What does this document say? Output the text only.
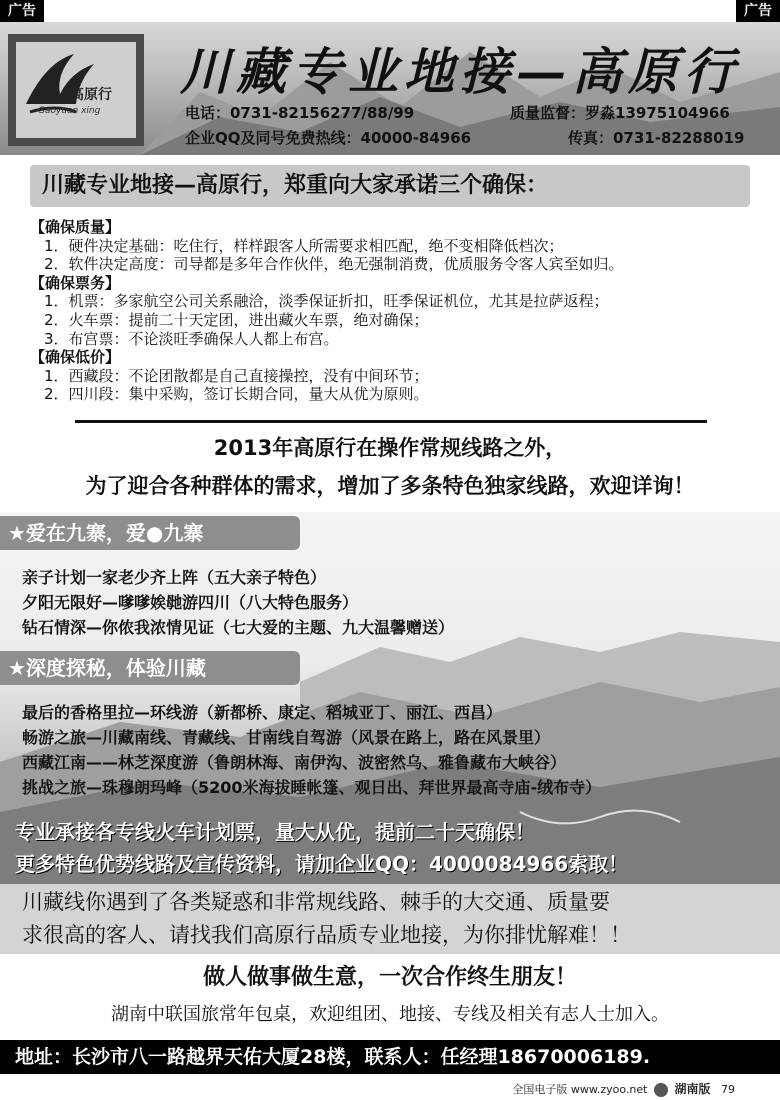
广告	广告
高原行
Gaoyuan xing
川藏专业地接—高原行
电话：0731-82156277/88/99	质量监督：罗淼13975104966
企业QQ及同号免费热线：40000-84966	传真：0731-82288019
川藏专业地接—高原行，郑重向大家承诺三个确保：
【确保质量】
1．硬件决定基础：吃住行，样样跟客人所需要求相匹配，绝不变相降低档次；
2．软件决定高度：司导都是多年合作伙伴，绝无强制消费，优质服务令客人宾至如归。
【确保票务】
1．机票：多家航空公司关系融洽，淡季保证折扣，旺季保证机位，尤其是拉萨返程；
2．火车票：提前二十天定团，进出藏火车票，绝对确保；
3．布宫票：不论淡旺季确保人人都上布宫。
【确保低价】
1．西藏段：不论团散都是自己直接操控，没有中间环节；
2．四川段：集中采购，签订长期合同，量大从优为原则。
2013年高原行在操作常规线路之外，
为了迎合各种群体的需求，增加了多条特色独家线路，欢迎详询！
★爱在九寨，爱●九寨
亲子计划一家老少齐上阵（五大亲子特色）
夕阳无限好—嗲嗲娭毑游四川（八大特色服务）
钻石情深—你侬我浓情见证（七大爱的主题、九大温馨赠送）
★深度探秘，体验川藏
最后的香格里拉—环线游（新都桥、康定、稻城亚丁、丽江、西昌）
畅游之旅—川藏南线、青藏线、甘南线自驾游（风景在路上，路在风景里）
西藏江南——林芝深度游（鲁朗林海、南伊沟、波密然乌、雅鲁藏布大峡谷）
挑战之旅—珠穆朗玛峰（5200米海拔睡帐篷、观日出、拜世界最高寺庙-绒布寺）
专业承接各专线火车计划票，量大从优，提前二十天确保！
更多特色优势线路及宣传资料，请加企业QQ：4000084966索取！
川藏线你遇到了各类疑惑和非常规线路、棘手的大交通、质量要
求很高的客人、请找我们高原行品质专业地接，为你排忧解难！！
做人做事做生意，一次合作终生朋友！
湖南中联国旅常年包桌，欢迎组团、地接、专线及相关有志人士加入。
地址：长沙市八一路越界天佑大厦28楼，联系人：任经理18670006189.
全国电子版 www.zyoo.net 湖南版 79
